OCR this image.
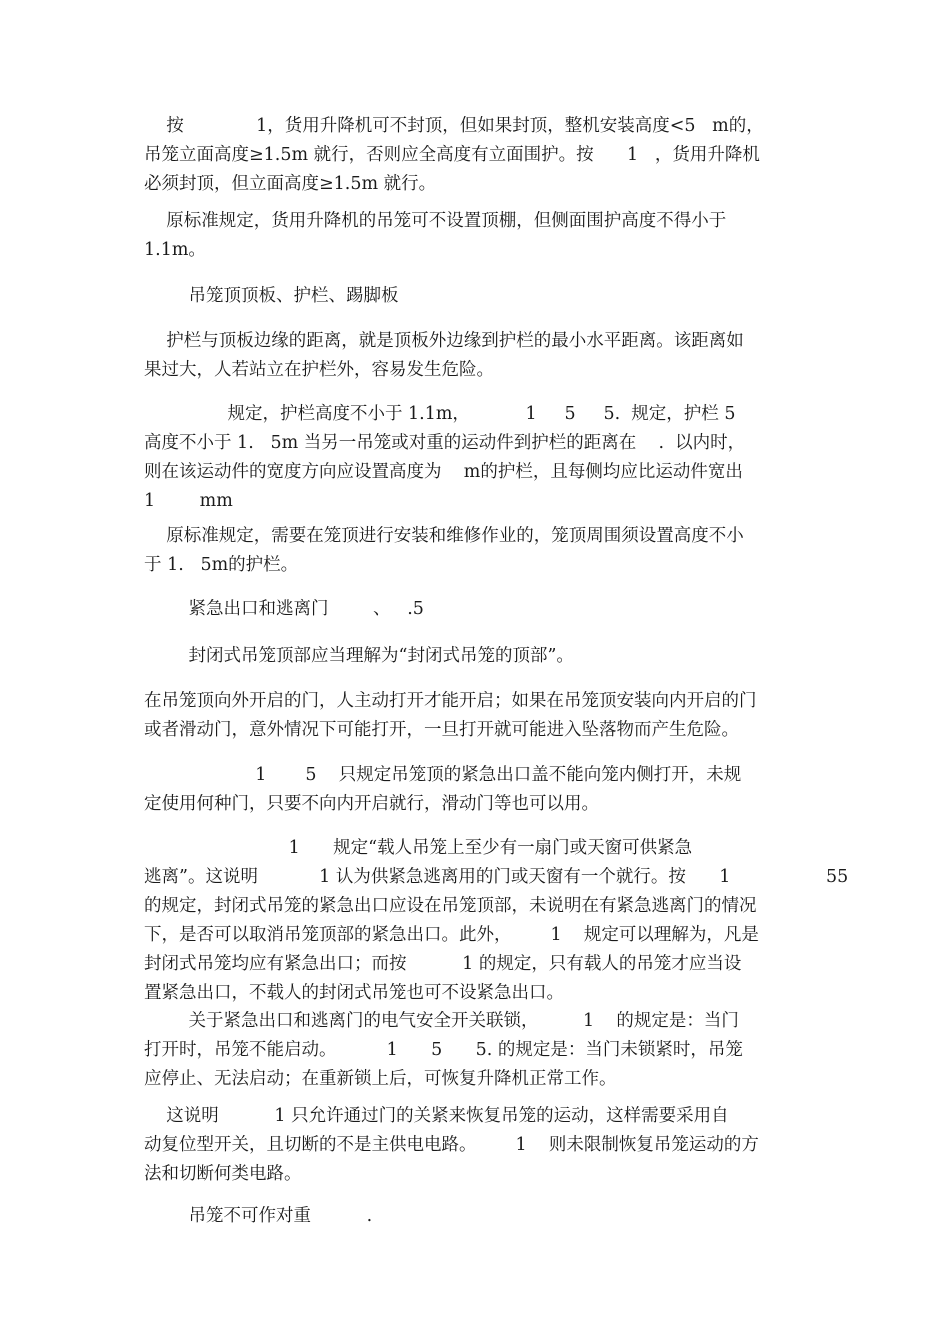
按             1，货用升降机可不封顶，但如果封顶，整机安装高度<5   m的，
吊笼立面高度≥1.5m 就行，否则应全高度有立面围护。按      1   ，货用升降机
必须封顶，但立面高度≥1.5m 就行。
原标准规定，货用升降机的吊笼可不设置顶棚，但侧面围护高度不得小于
1.1m。
吊笼顶顶板、护栏、踢脚板
护栏与顶板边缘的距离，就是顶板外边缘到护栏的最小水平距离。该距离如
果过大，人若站立在护栏外，容易发生危险。
规定，护栏高度不小于 1.1m，          1     5     5.  规定，护栏 5
高度不小于 1.   5m 当另一吊笼或对重的运动件到护栏的距离在    .  以内时，
则在该运动件的宽度方向应设置高度为    m的护栏，且每侧均应比运动件宽出
1        mm
原标准规定，需要在笼顶进行安装和维修作业的，笼顶周围须设置高度不小
于 1.   5m的护栏。
紧急出口和逃离门        、   .5
封闭式吊笼顶部应当理解为“封闭式吊笼的顶部”。
在吊笼顶向外开启的门，人主动打开才能开启；如果在吊笼顶安装向内开启的门
或者滑动门，意外情况下可能打开，一旦打开就可能进入坠落物而产生危险。
1       5    只规定吊笼顶的紧急出口盖不能向笼内侧打开，未规
定使用何种门，只要不向内开启就行，滑动门等也可以用。
1      规定“载人吊笼上至少有一扇门或天窗可供紧急
逃离”。这说明           1 认为供紧急逃离用的门或天窗有一个就行。按      1
的规定，封闭式吊笼的紧急出口应设在吊笼顶部，未说明在有紧急逃离门的情况
下，是否可以取消吊笼顶部的紧急出口。此外，       1    规定可以理解为，凡是
封闭式吊笼均应有紧急出口；而按          1 的规定，只有载人的吊笼才应当设
置紧急出口，不载人的封闭式吊笼也可不设紧急出口。
关于紧急出口和逃离门的电气安全开关联锁，        1    的规定是：当门
打开时，吊笼不能启动。         1      5      5. 的规定是：当门未锁紧时，吊笼
应停止、无法启动；在重新锁上后，可恢复升降机正常工作。
这说明          1 只允许通过门的关紧来恢复吊笼的运动，这样需要采用自
动复位型开关，且切断的不是主供电电路。       1    则未限制恢复吊笼运动的方
法和切断何类电路。
吊笼不可作对重          .
55
